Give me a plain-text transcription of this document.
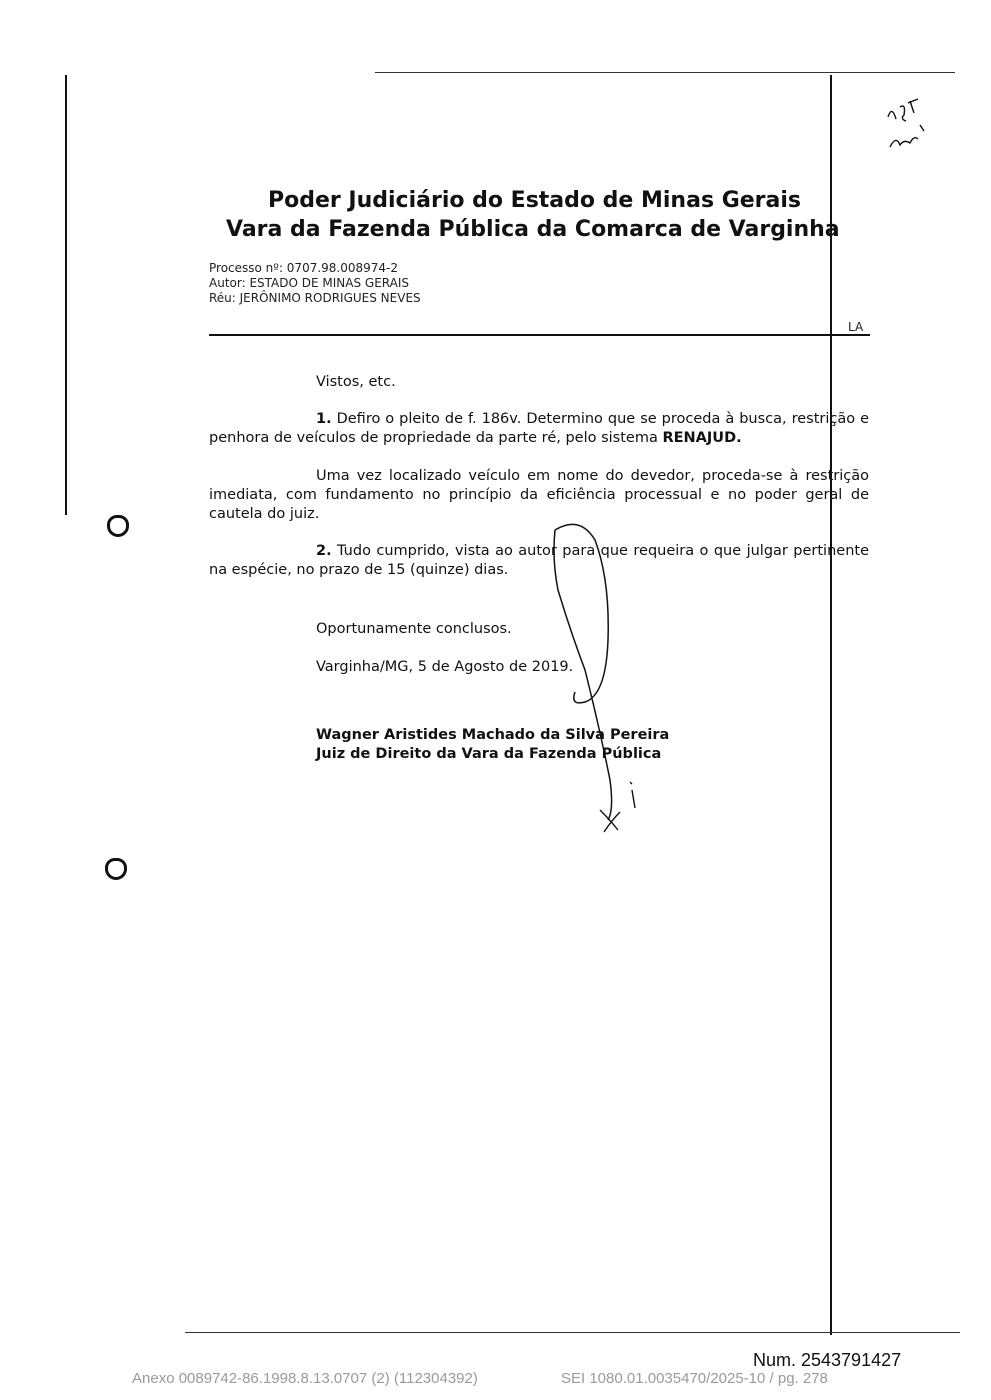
Poder Judiciário do Estado de Minas Gerais
Vara da Fazenda Pública da Comarca de Varginha
Processo nº: 0707.98.008974-2
Autor: ESTADO DE MINAS GERAIS
Réu: JERÔNIMO RODRIGUES NEVES
LA
Vistos, etc.
1. Defiro o pleito de f. 186v. Determino que se proceda à busca, restrição e penhora de veículos de propriedade da parte ré, pelo sistema RENAJUD.
Uma vez localizado veículo em nome do devedor, proceda-se à restrição imediata, com fundamento no princípio da eficiência processual e no poder geral de cautela do juiz.
2. Tudo cumprido, vista ao autor para que requeira o que julgar pertinente na espécie, no prazo de 15 (quinze) dias.
Oportunamente conclusos.
Varginha/MG, 5 de Agosto de 2019.
Wagner Aristides Machado da Silva Pereira
Juiz de Direito da Vara da Fazenda Pública
Num. 2543791427
Anexo 0089742-86.1998.8.13.0707 (2) (112304392)	SEI 1080.01.0035470/2025-10 / pg. 278
